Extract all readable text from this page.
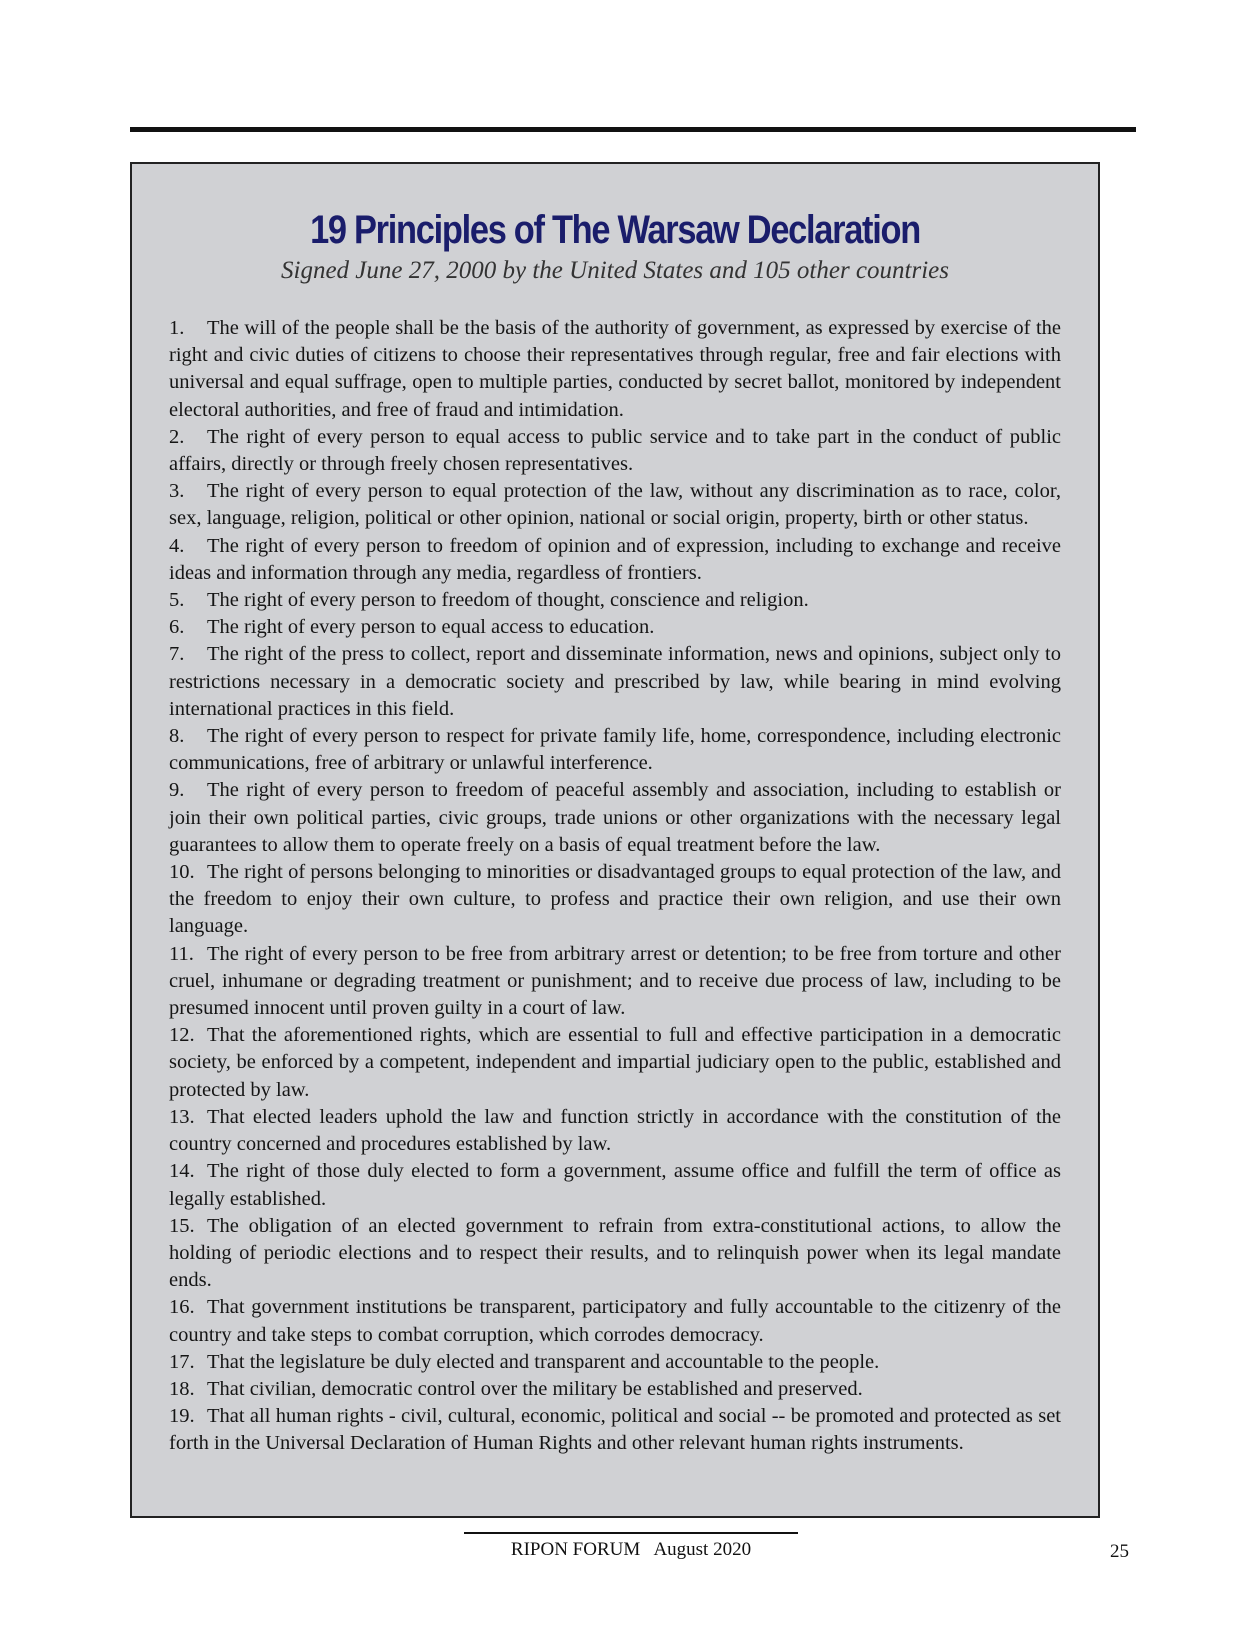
19 Principles of The Warsaw Declaration
Signed June 27, 2000 by the United States and 105 other countries
1. The will of the people shall be the basis of the authority of government, as expressed by exercise of the right and civic duties of citizens to choose their representatives through regular, free and fair elections with universal and equal suffrage, open to multiple parties, conducted by secret ballot, monitored by independent electoral authorities, and free of fraud and intimidation.
2. The right of every person to equal access to public service and to take part in the conduct of public affairs, directly or through freely chosen representatives.
3. The right of every person to equal protection of the law, without any discrimination as to race, color, sex, language, religion, political or other opinion, national or social origin, property, birth or other status.
4. The right of every person to freedom of opinion and of expression, including to exchange and receive ideas and information through any media, regardless of frontiers.
5. The right of every person to freedom of thought, conscience and religion.
6. The right of every person to equal access to education.
7. The right of the press to collect, report and disseminate information, news and opinions, subject only to restrictions necessary in a democratic society and prescribed by law, while bearing in mind evolving international practices in this field.
8. The right of every person to respect for private family life, home, correspondence, including electronic communications, free of arbitrary or unlawful interference.
9. The right of every person to freedom of peaceful assembly and association, including to establish or join their own political parties, civic groups, trade unions or other organizations with the necessary legal guarantees to allow them to operate freely on a basis of equal treatment before the law.
10. The right of persons belonging to minorities or disadvantaged groups to equal protection of the law, and the freedom to enjoy their own culture, to profess and practice their own religion, and use their own language.
11. The right of every person to be free from arbitrary arrest or detention; to be free from torture and other cruel, inhumane or degrading treatment or punishment; and to receive due process of law, including to be presumed innocent until proven guilty in a court of law.
12. That the aforementioned rights, which are essential to full and effective participation in a democratic society, be enforced by a competent, independent and impartial judiciary open to the public, established and protected by law.
13. That elected leaders uphold the law and function strictly in accordance with the constitution of the country concerned and procedures established by law.
14. The right of those duly elected to form a government, assume office and fulfill the term of office as legally established.
15. The obligation of an elected government to refrain from extra-constitutional actions, to allow the holding of periodic elections and to respect their results, and to relinquish power when its legal mandate ends.
16. That government institutions be transparent, participatory and fully accountable to the citizenry of the country and take steps to combat corruption, which corrodes democracy.
17. That the legislature be duly elected and transparent and accountable to the people.
18. That civilian, democratic control over the military be established and preserved.
19. That all human rights - civil, cultural, economic, political and social -- be promoted and protected as set forth in the Universal Declaration of Human Rights and other relevant human rights instruments.
RIPON FORUM   August 2020	25
